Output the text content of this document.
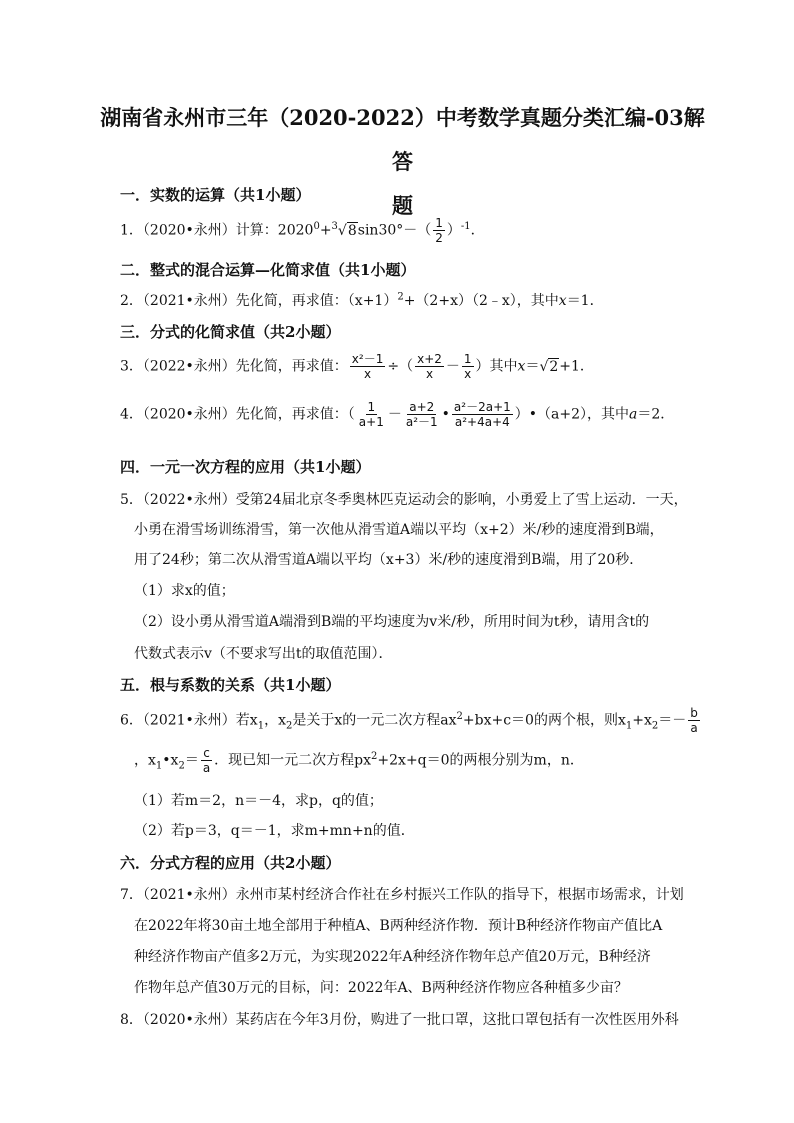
湖南省永州市三年（2020-2022）中考数学真题分类汇编-03解答
题
一．实数的运算（共1小题）
1．（2020•永州）计算：$2020^0+^3√8\sin 30^\circ-( \frac{1}{2} )^{-1}$．
二．整式的混合运算—化简求值（共1小题）
2．（2021•永州）先化简，再求值：$(x+1)^2+(2+x)(2﹣x)$，其中x＝1．
三．分式的化简求值（共2小题）
3．（2022•永州）先化简，再求值： $\frac{\text{x²－1}}{x}$ ÷（ $\frac{x+2}{x} - \frac{1}{x}$ ）其中x＝√2+1．
4．（2020•永州）先化简，再求值：（ $\frac{1}{a+1} - \frac{a+2}{\text{a²－1}}$ • $\frac{\text{a²－2a+1}}{\text{a²+4a+4}}$ ）•（a+2），其中a＝2．
四．一元一次方程的应用（共1小题）
5．（2022•永州）受第24届北京冬季奥林匹克运动会的影响，小勇爱上了雪上运动．一天，
小勇在滑雪场训练滑雪，第一次他从滑雪道A端以平均（x+2）米/秒的速度滑到B端，
用了24秒；第二次从滑雪道A端以平均（x+3）米/秒的速度滑到B端，用了20秒．
（1）求x的值；
（2）设小勇从滑雪道A端滑到B端的平均速度为v米/秒，所用时间为t秒，请用含t的
代数式表示v（不要求写出t的取值范围）．
五．根与系数的关系（共1小题）
6．（2021•永州）若$x_1$，$x_2$是关于x的一元二次方程$ax^2+bx+c=0$的两个根，则$x_1+x_2=- \frac{b}{a}$
，$x_1•x_2= \frac{c}{a}$ ．现已知一元二次方程$px^2+2x+q=0$的两根分别为m，n．
（1）若m＝2，n＝－4，求p，q的值；
（2）若p＝3，q＝－1，求m+mn+n的值．
六．分式方程的应用（共2小题）
7．（2021•永州）永州市某村经济合作社在乡村振兴工作队的指导下，根据市场需求，计划
在2022年将30亩土地全部用于种植A、B两种经济作物．预计B种经济作物亩产值比A
种经济作物亩产值多2万元，为实现2022年A种经济作物年总产值20万元，B种经济
作物年总产值30万元的目标，问：2022年A、B两种经济作物应各种植多少亩？
8．（2020•永州）某药店在今年3月份，购进了一批口罩，这批口罩包括有一次性医用外科
